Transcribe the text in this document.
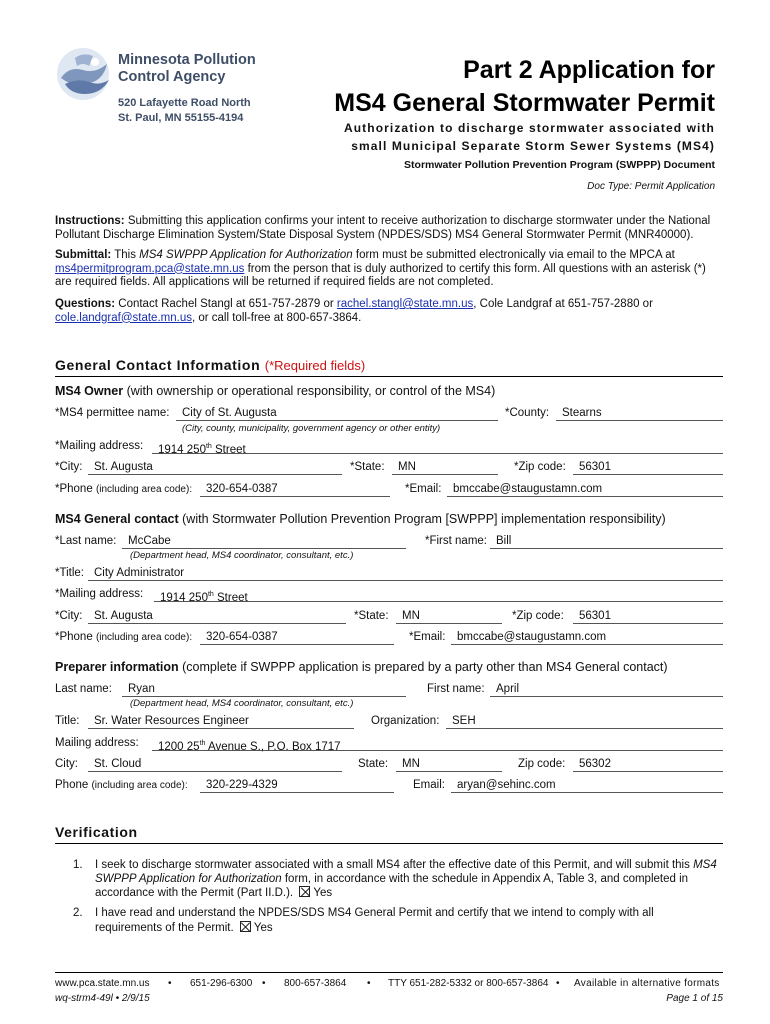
Minnesota Pollution
Control Agency
520 Lafayette Road North
St. Paul, MN 55155-4194
Part 2 Application for
MS4 General Stormwater Permit
Authorization to discharge stormwater associated with
small Municipal Separate Storm Sewer Systems (MS4)
Stormwater Pollution Prevention Program (SWPPP) Document
Doc Type: Permit Application
Instructions: Submitting this application confirms your intent to receive authorization to discharge stormwater under the National Pollutant Discharge Elimination System/State Disposal System (NPDES/SDS) MS4 General Stormwater Permit (MNR40000).
Submittal: This MS4 SWPPP Application for Authorization form must be submitted electronically via email to the MPCA at ms4permitprogram.pca@state.mn.us from the person that is duly authorized to certify this form. All questions with an asterisk (*) are required fields. All applications will be returned if required fields are not completed.
Questions: Contact Rachel Stangl at 651-757-2879 or rachel.stangl@state.mn.us, Cole Landgraf at 651-757-2880 or cole.landgraf@state.mn.us, or call toll-free at 800-657-3864.
General Contact Information (*Required fields)
MS4 Owner (with ownership or operational responsibility, or control of the MS4)
*MS4 permittee name:	City of St. Augusta
(City, county, municipality, government agency or other entity)
*County:	Stearns
*Mailing address:	1914 250th Street
*City:	St. Augusta	*State:	MN	*Zip code:	56301
*Phone (including area code):	320-654-0387	*Email:	bmccabe@staugustamn.com
MS4 General contact (with Stormwater Pollution Prevention Program [SWPPP] implementation responsibility)
*Last name:	McCabe
(Department head, MS4 coordinator, consultant, etc.)
*First name: Bill
*Title: City Administrator
*Mailing address:	1914 250th Street
*City:	St. Augusta	*State:	MN	*Zip code:	56301
*Phone (including area code):	320-654-0387	*Email:	bmccabe@staugustamn.com
Preparer information (complete if SWPPP application is prepared by a party other than MS4 General contact)
Last name:	Ryan
(Department head, MS4 coordinator, consultant, etc.)
First name: April
Title:	Sr. Water Resources Engineer	Organization:	SEH
Mailing address:	1200 25th Avenue S., P.O. Box 1717
City:	St. Cloud	State:	MN	Zip code:	56302
Phone (including area code):	320-229-4329	Email:	aryan@sehinc.com
Verification
1. I seek to discharge stormwater associated with a small MS4 after the effective date of this Permit, and will submit this MS4 SWPPP Application for Authorization form, in accordance with the schedule in Appendix A, Table 3, and completed in accordance with the Permit (Part II.D.). Yes
2. I have read and understand the NPDES/SDS MS4 General Permit and certify that we intend to comply with all requirements of the Permit. Yes
www.pca.state.mn.us • 651-296-6300 • 800-657-3864 • TTY 651-282-5332 or 800-657-3864 • Available in alternative formats
wq-strm4-49l • 2/9/15	Page 1 of 15
